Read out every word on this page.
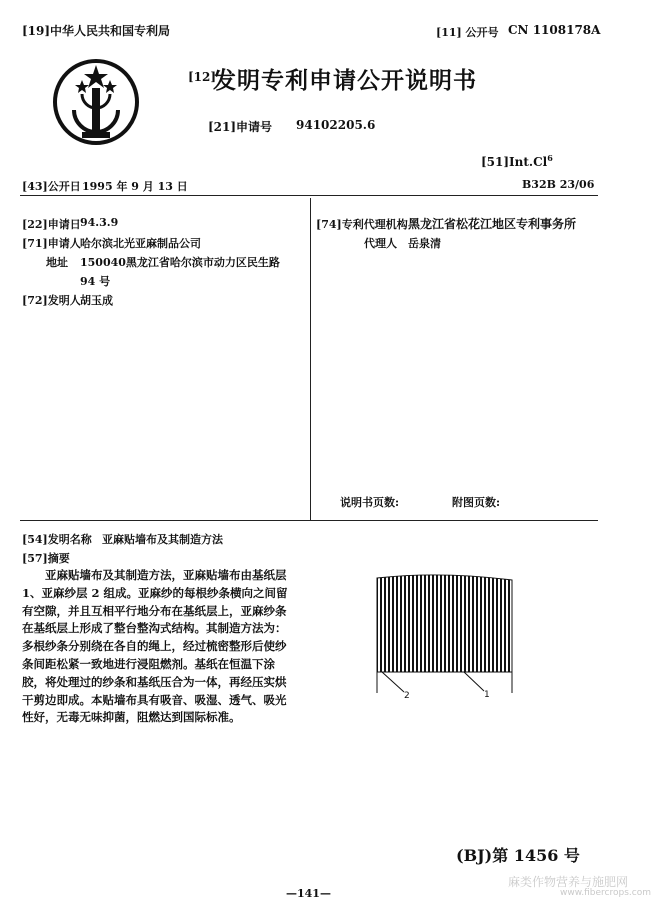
[19]中华人民共和国专利局	[11] 公开号 CN 1108178A
[12]
发明专利申请公开说明书
[21]申请号 94102205.6
[51]Int.Cl$^6$
[43]公开日 1995 年 9 月 13 日	B32B 23/06
[22]申请日 94.3.9
[71]申请人 哈尔滨北光亚麻制品公司
地址 150040黑龙江省哈尔滨市动力区民生路
94 号
[72]发明人 胡玉成
[74]专利代理机构 黑龙江省松花江地区专利事务所
代理人 岳泉清
说明书页数:	附图页数:
[54]发明名称 亚麻贴墙布及其制造方法
[57]摘要
亚麻贴墙布及其制造方法，亚麻贴墙布由基纸层
1、亚麻纱层 2 组成。亚麻纱的每根纱条横向之间留
有空隙，并且互相平行地分布在基纸层上，亚麻纱条
在基纸层上形成了整台整沟式结构。其制造方法为：
多根纱条分别绕在各自的绳上，经过梳密整形后使纱
条间距松紧一致地进行浸阻燃剂。基纸在恒温下涂
胶，将处理过的纱条和基纸压合为一体，再经压实烘
干剪边即成。本贴墙布具有吸音、吸湿、透气、吸光
性好，无毒无味抑菌，阻燃达到国际标准。
2	1
(BJ)第 1456 号
—141—
麻类作物营养与施肥网
www.fibercrops.com
